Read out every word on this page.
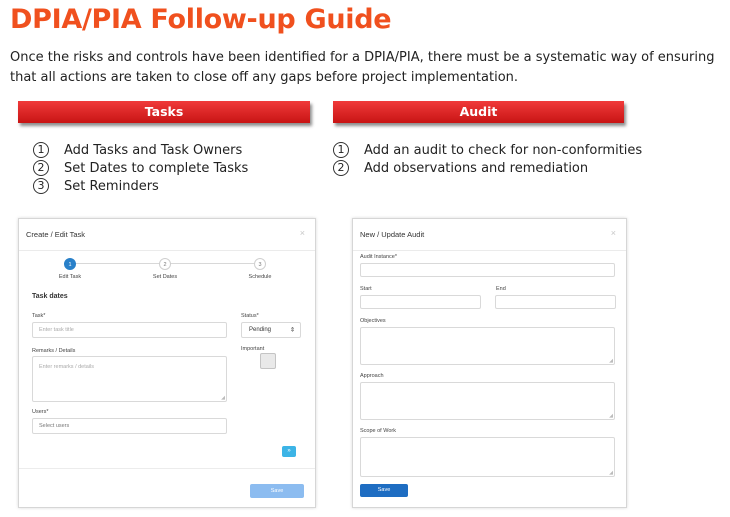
DPIA/PIA Follow-up Guide
Once the risks and controls have been identified for a DPIA/PIA, there must be a systematic way of ensuring that all actions are taken to close off any gaps before project implementation.
Tasks	Audit
1	Add Tasks and Task Owners
2	Set Dates to complete Tasks
3	Set Reminders
1	Add an audit to check for non-conformities
2	Add observations and remediation
Create / Edit Task	×
1
Edit Task
2
Set Dates
3
Schedule
Task dates
Task*
Enter task title
Status*
Pending	⇕
Remarks / Details
Enter remarks / details
◢
Important
Users*
Select users
»
Save
New / Update Audit	×
Audit Instance*
Start	End
Objectives
◢
Approach
◢
Scope of Work
◢
Save
